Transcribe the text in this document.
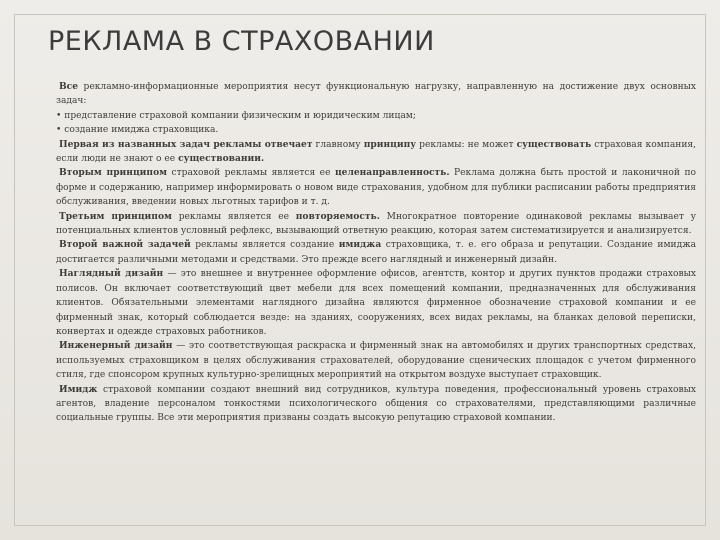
РЕКЛАМА В СТРАХОВАНИИ

Все рекламно-информационные мероприятия несут функциональную нагрузку, направленную на достижение двух основных задач:

• представление страховой компании физическим и юридическим лицам;

• создание имиджа страховщика.

Первая из названных задач рекламы отвечает главному принципу рекламы: не может существовать страховая компания, если люди не знают о ее существовании.

Вторым принципом страховой рекламы является ее целенаправленность. Реклама должна быть простой и лаконичной по форме и содержанию, например информировать о новом виде страхования, удобном для публики расписании работы предприятия обслуживания, введении новых льготных тарифов и т. д.

Третьим принципом рекламы является ее повторяемость. Многократное повторение одинаковой рекламы вызывает у потенциальных клиентов условный рефлекс, вызывающий ответную реакцию, которая затем систематизируется и анализируется.

Второй важной задачей рекламы является создание имиджа страховщика, т. е. его образа и репутации. Создание имиджа достигается различными методами и средствами. Это прежде всего наглядный и инженерный дизайн.

Наглядный дизайн — это внешнее и внутреннее оформление офисов, агентств, контор и других пунктов продажи страховых полисов. Он включает соответствующий цвет мебели для всех помещений компании, предназначенных для обслуживания клиентов. Обязательными элементами наглядного дизайна являются фирменное обозначение страховой компании и ее фирменный знак, который соблюдается везде: на зданиях, сооружениях, всех видах рекламы, на бланках деловой переписки, конвертах и одежде страховых работников.

Инженерный дизайн — это соответствующая раскраска и фирменный знак на автомобилях и других транспортных средствах, используемых страховщиком в целях обслуживания страхователей, оборудование сценических площадок с учетом фирменного стиля, где спонсором крупных культурно-зрелищных мероприятий на открытом воздухе выступает страховщик.

Имидж страховой компании создают внешний вид сотрудников, культура поведения, профессиональный уровень страховых агентов, владение персоналом тонкостями психологического общения со страхователями, представляющими различные социальные группы. Все эти мероприятия призваны создать высокую репутацию страховой компании.
